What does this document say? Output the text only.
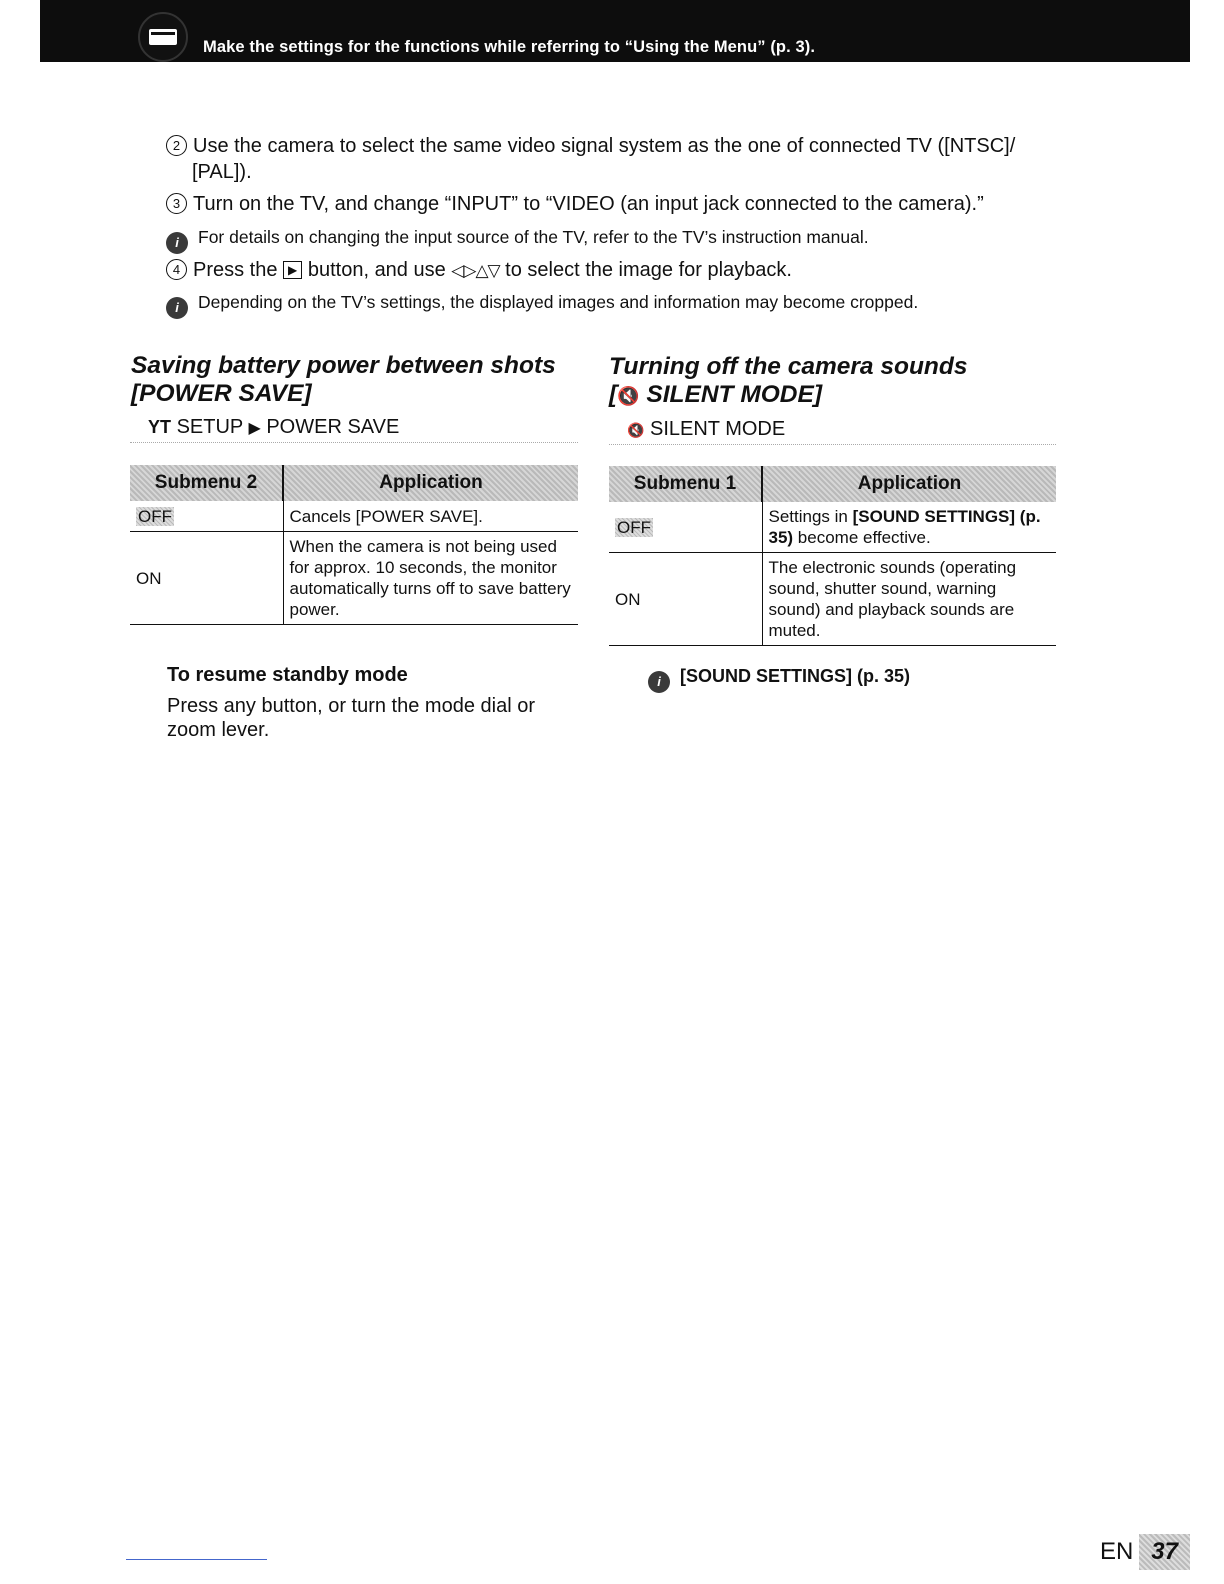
Make the settings for the functions while referring to “Using the Menu” (p. 3).
2 Use the camera to select the same video signal system as the one of connected TV ([NTSC]/
[PAL]).
3 Turn on the TV, and change “INPUT” to “VIDEO (an input jack connected to the camera).”
i For details on changing the input source of the TV, refer to the TV’s instruction manual.
4 Press the ▶ button, and use ◁▷△▽ to select the image for playback.
i Depending on the TV’s settings, the displayed images and information may become cropped.
Saving battery power between shots
[POWER SAVE]
YT SETUP ▶ POWER SAVE
Submenu 2	Application
OFF	Cancels [POWER SAVE].
ON	When the camera is not being used for approx. 10 seconds, the monitor automatically turns off to save battery power.
To resume standby mode
Press any button, or turn the mode dial or zoom lever.
Turning off the camera sounds
[🔇 SILENT MODE]
🔇 SILENT MODE
Submenu 1	Application
OFF	Settings in [SOUND SETTINGS] (p. 35) become effective.
ON	The electronic sounds (operating sound, shutter sound, warning sound) and playback sounds are muted.
i [SOUND SETTINGS] (p. 35)
EN 37
